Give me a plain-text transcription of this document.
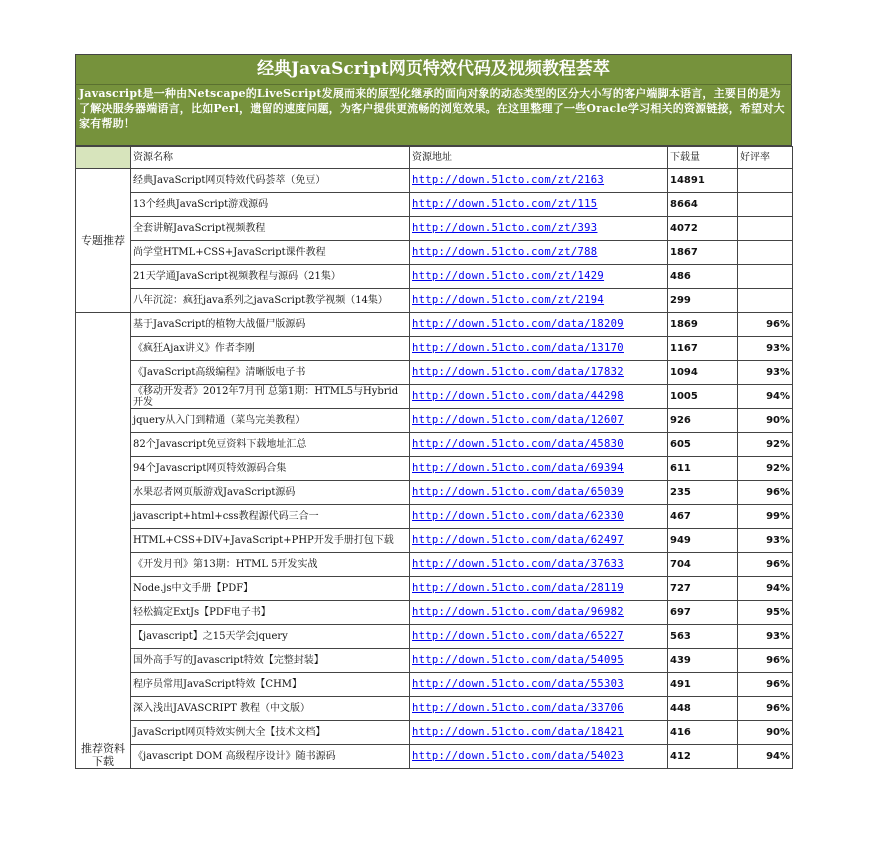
经典JavaScript网页特效代码及视频教程荟萃
Javascript是一种由Netscape的LiveScript发展而来的原型化继承的面向对象的动态类型的区分大小写的客户端脚本语言，主要目的是为了解决服务器端语言，比如Perl，遗留的速度问题，为客户提供更流畅的浏览效果。在这里整理了一些Oracle学习相关的资源链接，希望对大家有帮助！
	资源名称	资源地址	下载量	好评率
专题推荐	经典JavaScript网页特效代码荟萃（免豆）	http://down.51cto.com/zt/2163	14891	
	13个经典JavaScript游戏源码	http://down.51cto.com/zt/115	8664	
	全套讲解JavaScript视频教程	http://down.51cto.com/zt/393	4072	
	尚学堂HTML+CSS+JavaScript课件教程	http://down.51cto.com/zt/788	1867	
	21天学通JavaScript视频教程与源码（21集）	http://down.51cto.com/zt/1429	486	
	八年沉淀：疯狂java系列之javaScript教学视频（14集）	http://down.51cto.com/zt/2194	299	
推荐资料下载	基于JavaScript的植物大战僵尸版源码	http://down.51cto.com/data/18209	1869	96%
	《疯狂Ajax讲义》作者李刚	http://down.51cto.com/data/13170	1167	93%
	《JavaScript高级编程》清晰版电子书	http://down.51cto.com/data/17832	1094	93%
	《移动开发者》2012年7月刊 总第1期：HTML5与Hybrid开发	http://down.51cto.com/data/44298	1005	94%
	jquery从入门到精通（菜鸟完美教程）	http://down.51cto.com/data/12607	926	90%
	82个Javascript免豆资料下载地址汇总	http://down.51cto.com/data/45830	605	92%
	94个Javascript网页特效源码合集	http://down.51cto.com/data/69394	611	92%
	水果忍者网页版游戏JavaScript源码	http://down.51cto.com/data/65039	235	96%
	javascript+html+css教程源代码三合一	http://down.51cto.com/data/62330	467	99%
	HTML+CSS+DIV+JavaScript+PHP开发手册打包下载	http://down.51cto.com/data/62497	949	93%
	《开发月刊》第13期：HTML 5开发实战	http://down.51cto.com/data/37633	704	96%
	Node.js中文手册【PDF】	http://down.51cto.com/data/28119	727	94%
	轻松搞定ExtJs【PDF电子书】	http://down.51cto.com/data/96982	697	95%
	【javascript】之15天学会jquery	http://down.51cto.com/data/65227	563	93%
	国外高手写的Javascript特效【完整封装】	http://down.51cto.com/data/54095	439	96%
	程序员常用JavaScript特效【CHM】	http://down.51cto.com/data/55303	491	96%
	深入浅出JAVASCRIPT 教程（中文版）	http://down.51cto.com/data/33706	448	96%
	JavaScript网页特效实例大全【技术文档】	http://down.51cto.com/data/18421	416	90%
	《javascript DOM 高级程序设计》随书源码	http://down.51cto.com/data/54023	412	94%
